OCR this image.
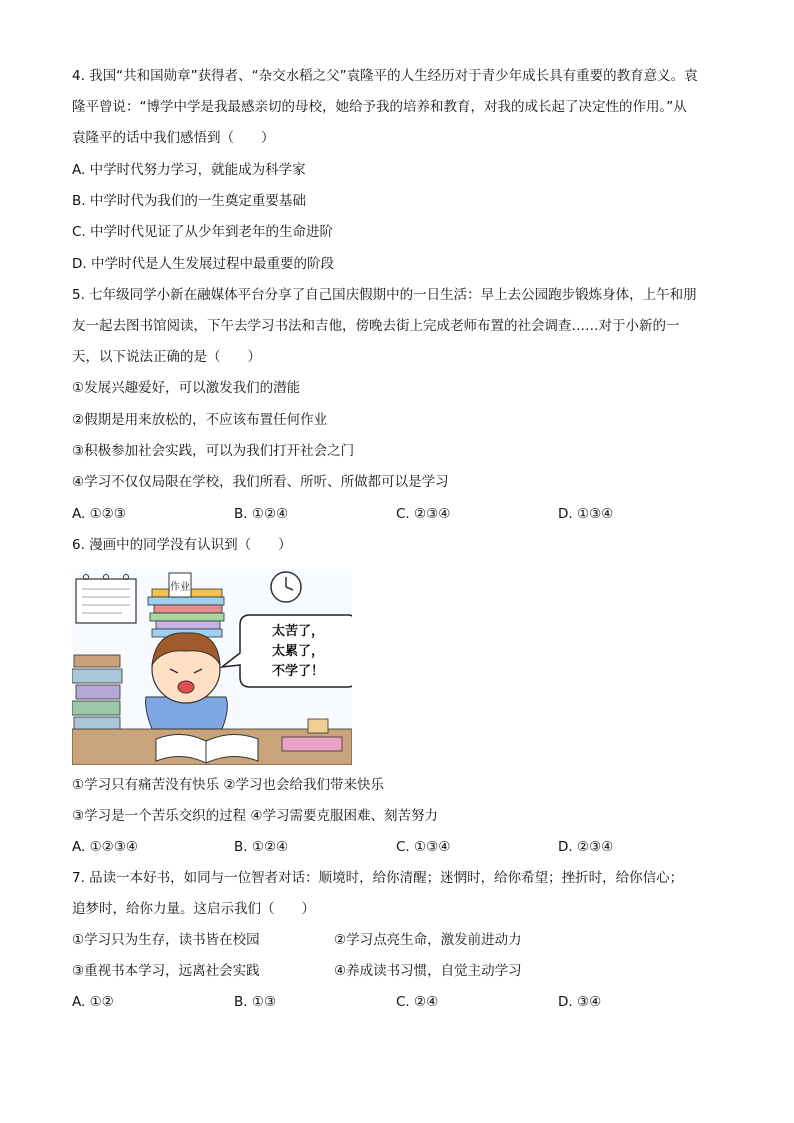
4. 我国“共和国勋章”获得者、“杂交水稻之父”袁隆平的人生经历对于青少年成长具有重要的教育意义。袁
隆平曾说：“博学中学是我最感亲切的母校，她给予我的培养和教育，对我的成长起了决定性的作用。”从
袁隆平的话中我们感悟到（　　）
A. 中学时代努力学习，就能成为科学家
B. 中学时代为我们的一生奠定重要基础
C. 中学时代见证了从少年到老年的生命进阶
D. 中学时代是人生发展过程中最重要的阶段
5. 七年级同学小新在融媒体平台分享了自己国庆假期中的一日生活：早上去公园跑步锻炼身体，上午和朋
友一起去图书馆阅读，下午去学习书法和吉他，傍晚去街上完成老师布置的社会调查……对于小新的一
天，以下说法正确的是（　　）
①发展兴趣爱好，可以激发我们的潜能
②假期是用来放松的，不应该布置任何作业
③积极参加社会实践，可以为我们打开社会之门
④学习不仅仅局限在学校，我们所看、所听、所做都可以是学习
A. ①②③	B. ①②④	C. ②③④	D. ①③④
6. 漫画中的同学没有认识到（　　）
作业
太苦了，
太累了，
不学了！
①学习只有痛苦没有快乐 ②学习也会给我们带来快乐
③学习是一个苦乐交织的过程 ④学习需要克服困难、刻苦努力
A. ①②③④	B. ①②④	C. ①③④	D. ②③④
7. 品读一本好书，如同与一位智者对话：顺境时，给你清醒；迷惘时，给你希望；挫折时，给你信心；
追梦时，给你力量。这启示我们（　　）
①学习只为生存，读书皆在校园	②学习点亮生命，激发前进动力
③重视书本学习，远离社会实践	④养成读书习惯，自觉主动学习
A. ①②	B. ①③	C. ②④	D. ③④
